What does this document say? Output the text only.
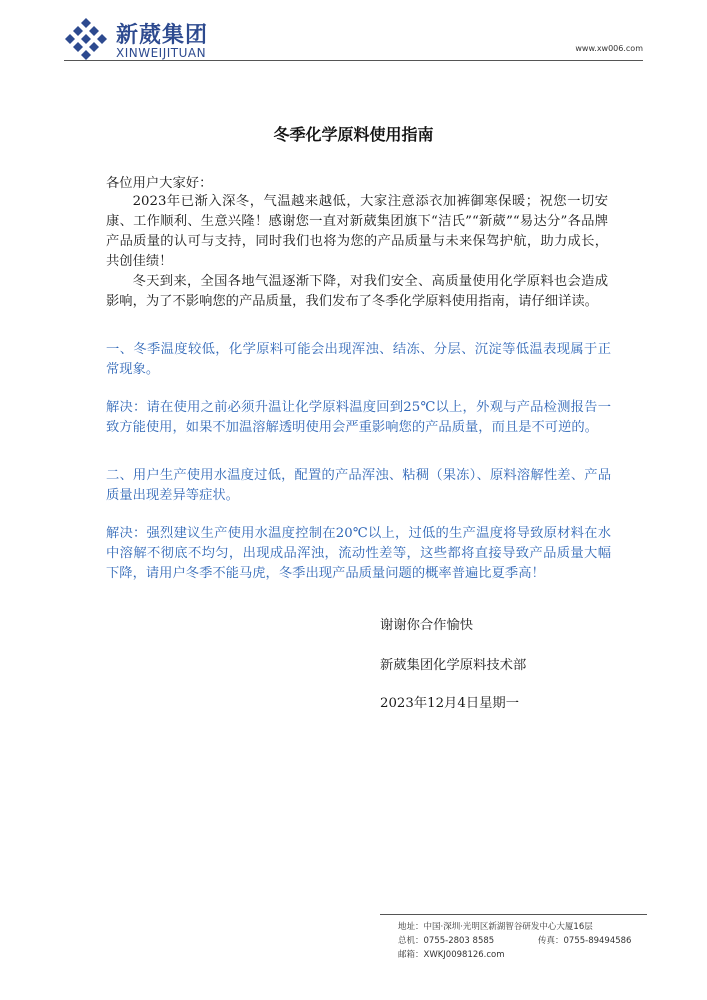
新葳集团
XINWEIJITUAN	www.xw006.com
冬季化学原料使用指南
各位用户大家好：

2023年已渐入深冬，气温越来越低，大家注意添衣加裤御寒保暖；祝您一切安康、工作顺利、生意兴隆！感谢您一直对新葳集团旗下“洁氏”“新葳”“易达分”各品牌产品质量的认可与支持，同时我们也将为您的产品质量与未来保驾护航，助力成长，共创佳绩！

冬天到来，全国各地气温逐渐下降，对我们安全、高质量使用化学原料也会造成影响，为了不影响您的产品质量，我们发布了冬季化学原料使用指南，请仔细详读。

一、冬季温度较低，化学原料可能会出现浑浊、结冻、分层、沉淀等低温表现属于正常现象。

解决：请在使用之前必须升温让化学原料温度回到25℃以上，外观与产品检测报告一致方能使用，如果不加温溶解透明使用会严重影响您的产品质量，而且是不可逆的。

二、用户生产使用水温度过低，配置的产品浑浊、粘稠（果冻）、原料溶解性差、产品质量出现差异等症状。

解决：强烈建议生产使用水温度控制在20℃以上，过低的生产温度将导致原材料在水中溶解不彻底不均匀，出现成品浑浊，流动性差等，这些都将直接导致产品质量大幅下降，请用户冬季不能马虎，冬季出现产品质量问题的概率普遍比夏季高！

谢谢你合作愉快
新葳集团化学原料技术部
2023年12月4日星期一
地址：中国·深圳·光明区新湖智谷研发中心大厦16层
总机：0755-2803 8585	传真：0755-89494586
邮箱：XWKJ0098126.com
